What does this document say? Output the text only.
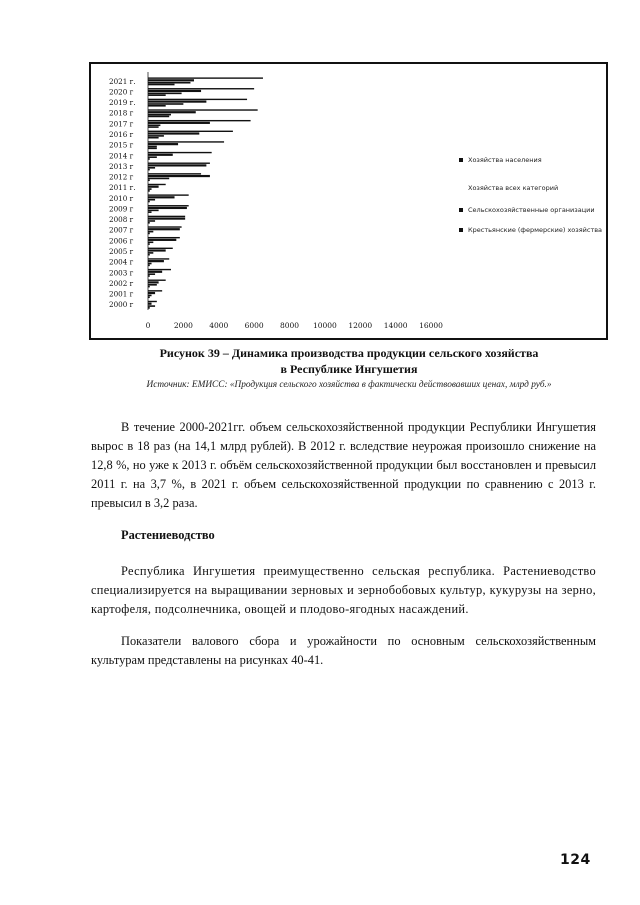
2021 г.
2020 г
2019 г.
2018 г
2017 г
2016 г
2015 г
2014 г
2013 г
2012 г
2011 г.
2010 г
2009 г
2008 г
2007 г
2006 г
2005 г
2004 г
2003 г
2002 г
2001 г
2000 г
0	2000 4000 6000 8000 10000 12000 14000 16000
Хозяйства населения
Хозяйства всех категорий
Сельскохозяйственные организации
Крестьянские (фермерские) хозяйства
Рисунок 39 – Динамика производства продукции сельского хозяйства
в Республике Ингушетия
Источник: ЕМИСС: «Продукция сельского хозяйства в фактически действовавших ценах, млрд руб.»

В течение 2000-2021гг. объем сельскохозяйственной продукции Республики Ингушетия вырос в 18 раз (на 14,1 млрд рублей). В 2012 г. вследствие неурожая произошло снижение на 12,8 %, но уже к 2013 г. объём сельскохозяйственной продукции был восстановлен и превысил 2011 г. на 3,7 %, в 2021 г. объем сельскохозяйственной продукции по сравнению с 2013 г. превысил в 3,2 раза.

Растениеводство

Республика Ингушетия преимущественно сельская республика. Растениеводство специализируется на выращивании зерновых и зернобобовых культур, кукурузы на зерно, картофеля, подсолнечника, овощей и плодово-ягодных насаждений.

Показатели валового сбора и урожайности по основным сельскохозяйственным культурам представлены на рисунках 40-41.

124
